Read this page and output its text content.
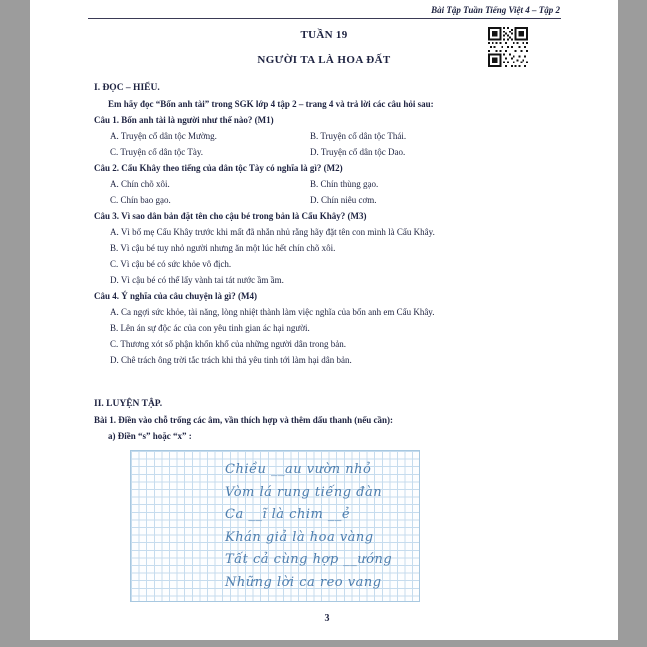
Bài Tập Tuần Tiếng Việt 4 – Tập 2
TUẦN 19
NGƯỜI TA LÀ HOA ĐẤT
I. ĐỌC – HIỂU.
Em hãy đọc “Bốn anh tài” trong SGK lớp 4 tập 2 – trang 4 và trả lời các câu hỏi sau:
Câu 1. Bốn anh tài là người như thế nào? (M1)
A. Truyện cổ dân tộc Mường.	B. Truyện cổ dân tộc Thái.
C. Truyện cổ dân tộc Tày.	D. Truyện cổ dân tộc Dao.
Câu 2. Cẩu Khây theo tiếng của dân tộc Tày có nghĩa là gì? (M2)
A. Chín chõ xôi.	B. Chín thùng gạo.
C. Chín bao gạo.	D. Chín niêu cơm.
Câu 3. Vì sao dân bản đặt tên cho cậu bé trong bản là Cẩu Khây? (M3)
A. Vì bố mẹ Cẩu Khây trước khi mất đã nhắn nhủ rằng hãy đặt tên con mình là Cẩu Khây.
B. Vì cậu bé tuy nhỏ người nhưng ăn một lúc hết chín chõ xôi.
C. Vì cậu bé có sức khỏe vô địch.
D. Vì cậu bé có thể lấy vành tai tát nước ầm ầm.
Câu 4. Ý nghĩa của câu chuyện là gì? (M4)
A. Ca ngợi sức khỏe, tài năng, lòng nhiệt thành làm việc nghĩa của bốn anh em Cẩu Khây.
B. Lên án sự độc ác của con yêu tinh gian ác hại người.
C. Thương xót số phận khốn khổ của những người dân trong bản.
D. Chê trách ông trời tắc trách khi thả yêu tinh tới làm hại dân bản.
II. LUYỆN TẬP.
Bài 1. Điền vào chỗ trống các âm, vần thích hợp và thêm dấu thanh (nếu cần):
a) Điền “s” hoặc “x” :
Chiều __au vườn nhỏ
Vòm lá rung tiếng đàn
Ca __ĩ là chim __ẻ
Khán giả là hoa vàng
Tất cả cùng hợp __ướng
Những lời ca reo vang
3
